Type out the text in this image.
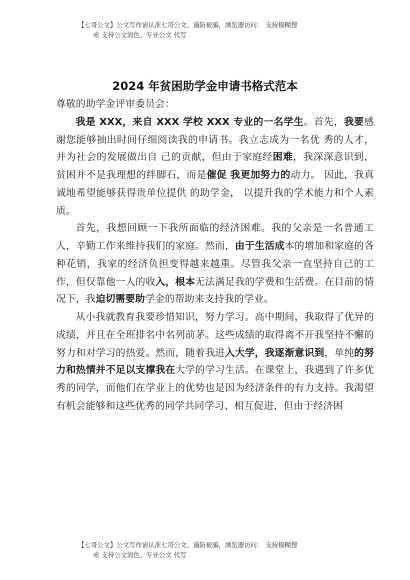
【七哥公文】公文写作请认准七哥公文、谨防被骗，浏览器访问： 支持模糊搜
索 支持公文润色、专业公文 代写
2024 年贫困助学金申请书格式范本

尊敬的助学金评审委员会：

我是 XXX，来自 XXX 学校 XXX 专业的一名学生。首先，我要感谢您能够抽出时间仔细阅读我的申请书。我立志成为一名优 秀的人才，并为社会的发展做出自 己的贡献，但由于家庭经困难，我深深意识到，贫困并不是我理想的绊脚石，而是催促 我更加努力的动力。 因此，我真诚地希望能够获得贵单位提供 的助学金， 以提升我的学术能力和个人素质。

首先，我想回顾一下我所面临的经济困难。我的父亲是一名普通工人，辛勤工作来维持我们的家庭。然而，由于生活成本的增加和家庭的各种花销，我家的经济负担变得越来越重。尽管我父亲一直坚持自己的工作，但仅靠他一人的收入，根本无法满足我的学费和生活费。在目前的情况下，我迫切需要助学金的帮助来支持我的学业。

从小我就教育我要珍惜知识，努力学习。高中期间，我取得了优异的成绩，并且在全班排名中名列前茅。这些成绩的取得离不开我坚持不懈的努力和对学习的热爱。然而，随着我进入大学，我逐渐意识到，单纯的努力和热情并不足以支撑我在大学的学习生活。在课堂上，我遇到了许多优秀的同学，而他们在学业上的优势也是因为经济条件的有力支持。我渴望有机会能够和这些优秀的同学共同学习、相互促进，但由于经济困

【七哥公文】公文写作请认准七哥公文、谨防被骗，浏览器访问： 支持模糊搜
索 支持公文润色、专业公文 代写
